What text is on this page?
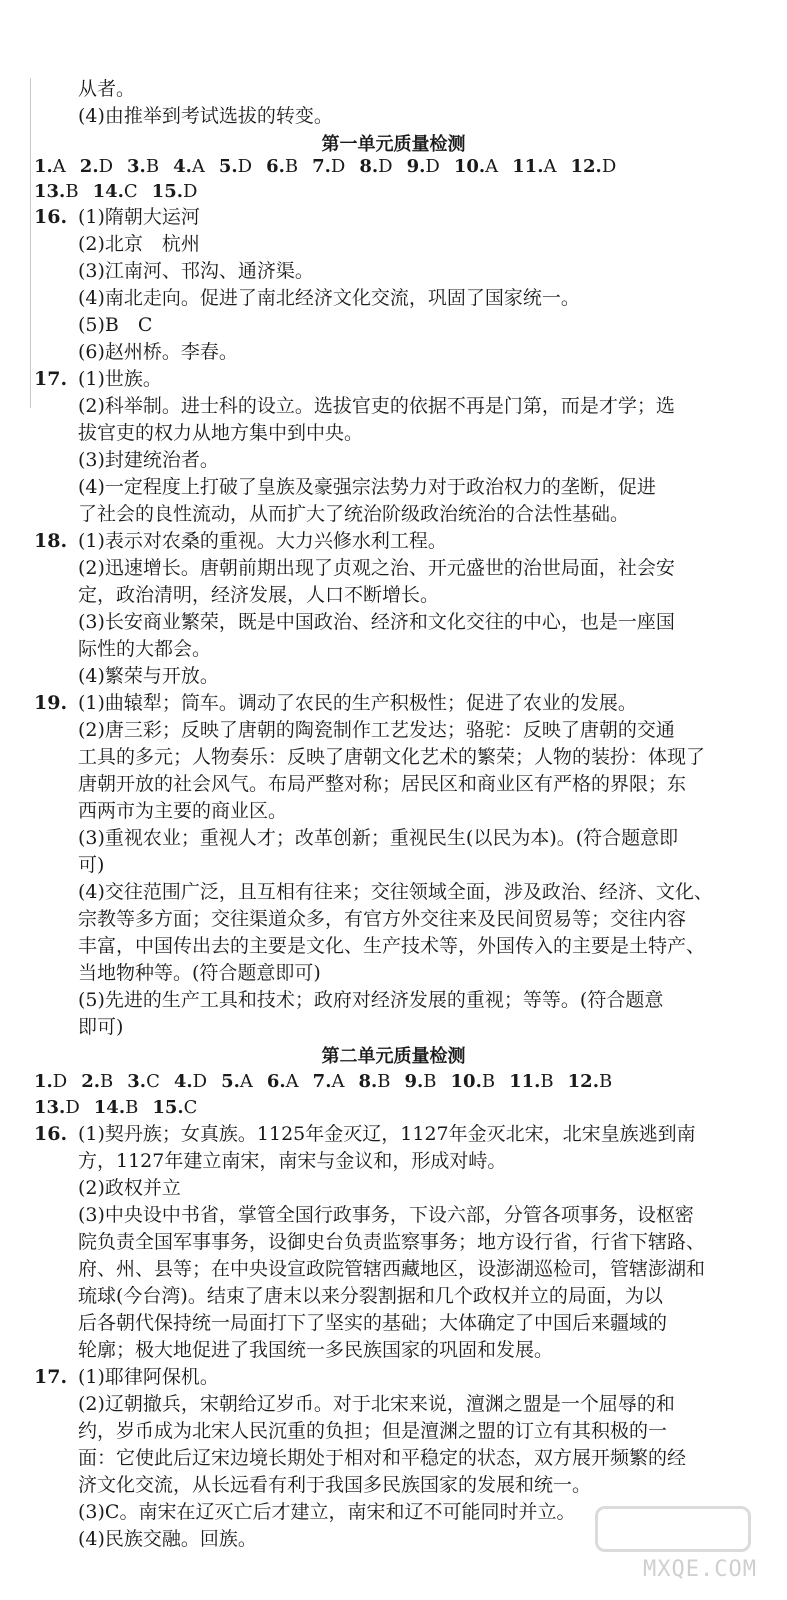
从者。
(4)由推举到考试选拔的转变。
第一单元质量检测
1.A 2.D 3.B 4.A 5.D 6.B 7.D 8.D 9.D 10.A 11.A 12.D
13.B 14.C 15.D
16. (1)隋朝大运河
(2)北京　杭州
(3)江南河、邗沟、通济渠。
(4)南北走向。促进了南北经济文化交流，巩固了国家统一。
(5)B　C
(6)赵州桥。李春。
17. (1)世族。
(2)科举制。进士科的设立。选拔官吏的依据不再是门第，而是才学；选
拔官吏的权力从地方集中到中央。
(3)封建统治者。
(4)一定程度上打破了皇族及豪强宗法势力对于政治权力的垄断，促进
了社会的良性流动，从而扩大了统治阶级政治统治的合法性基础。
18. (1)表示对农桑的重视。大力兴修水利工程。
(2)迅速增长。唐朝前期出现了贞观之治、开元盛世的治世局面，社会安
定，政治清明，经济发展，人口不断增长。
(3)长安商业繁荣，既是中国政治、经济和文化交往的中心，也是一座国
际性的大都会。
(4)繁荣与开放。
19. (1)曲辕犁；筒车。调动了农民的生产积极性；促进了农业的发展。
(2)唐三彩；反映了唐朝的陶瓷制作工艺发达；骆驼：反映了唐朝的交通
工具的多元；人物奏乐：反映了唐朝文化艺术的繁荣；人物的装扮：体现了
唐朝开放的社会风气。布局严整对称；居民区和商业区有严格的界限；东
西两市为主要的商业区。
(3)重视农业；重视人才；改革创新；重视民生(以民为本)。(符合题意即
可)
(4)交往范围广泛，且互相有往来；交往领域全面，涉及政治、经济、文化、
宗教等多方面；交往渠道众多，有官方外交往来及民间贸易等；交往内容
丰富，中国传出去的主要是文化、生产技术等，外国传入的主要是土特产、
当地物种等。(符合题意即可)
(5)先进的生产工具和技术；政府对经济发展的重视；等等。(符合题意
即可)
第二单元质量检测
1.D 2.B 3.C 4.D 5.A 6.A 7.A 8.B 9.B 10.B 11.B 12.B
13.D 14.B 15.C
16. (1)契丹族；女真族。1125年金灭辽，1127年金灭北宋，北宋皇族逃到南
方，1127年建立南宋，南宋与金议和，形成对峙。
(2)政权并立
(3)中央设中书省，掌管全国行政事务，下设六部，分管各项事务，设枢密
院负责全国军事事务，设御史台负责监察事务；地方设行省，行省下辖路、
府、州、县等；在中央设宣政院管辖西藏地区，设澎湖巡检司，管辖澎湖和
琉球(今台湾)。结束了唐末以来分裂割据和几个政权并立的局面，为以
后各朝代保持统一局面打下了坚实的基础；大体确定了中国后来疆域的
轮廓；极大地促进了我国统一多民族国家的巩固和发展。
17. (1)耶律阿保机。
(2)辽朝撤兵，宋朝给辽岁币。对于北宋来说，澶渊之盟是一个屈辱的和
约，岁币成为北宋人民沉重的负担；但是澶渊之盟的订立有其积极的一
面：它使此后辽宋边境长期处于相对和平稳定的状态，双方展开频繁的经
济文化交流，从长远看有利于我国多民族国家的发展和统一。
(3)C。南宋在辽灭亡后才建立，南宋和辽不可能同时并立。
(4)民族交融。回族。
MXQE.COM
